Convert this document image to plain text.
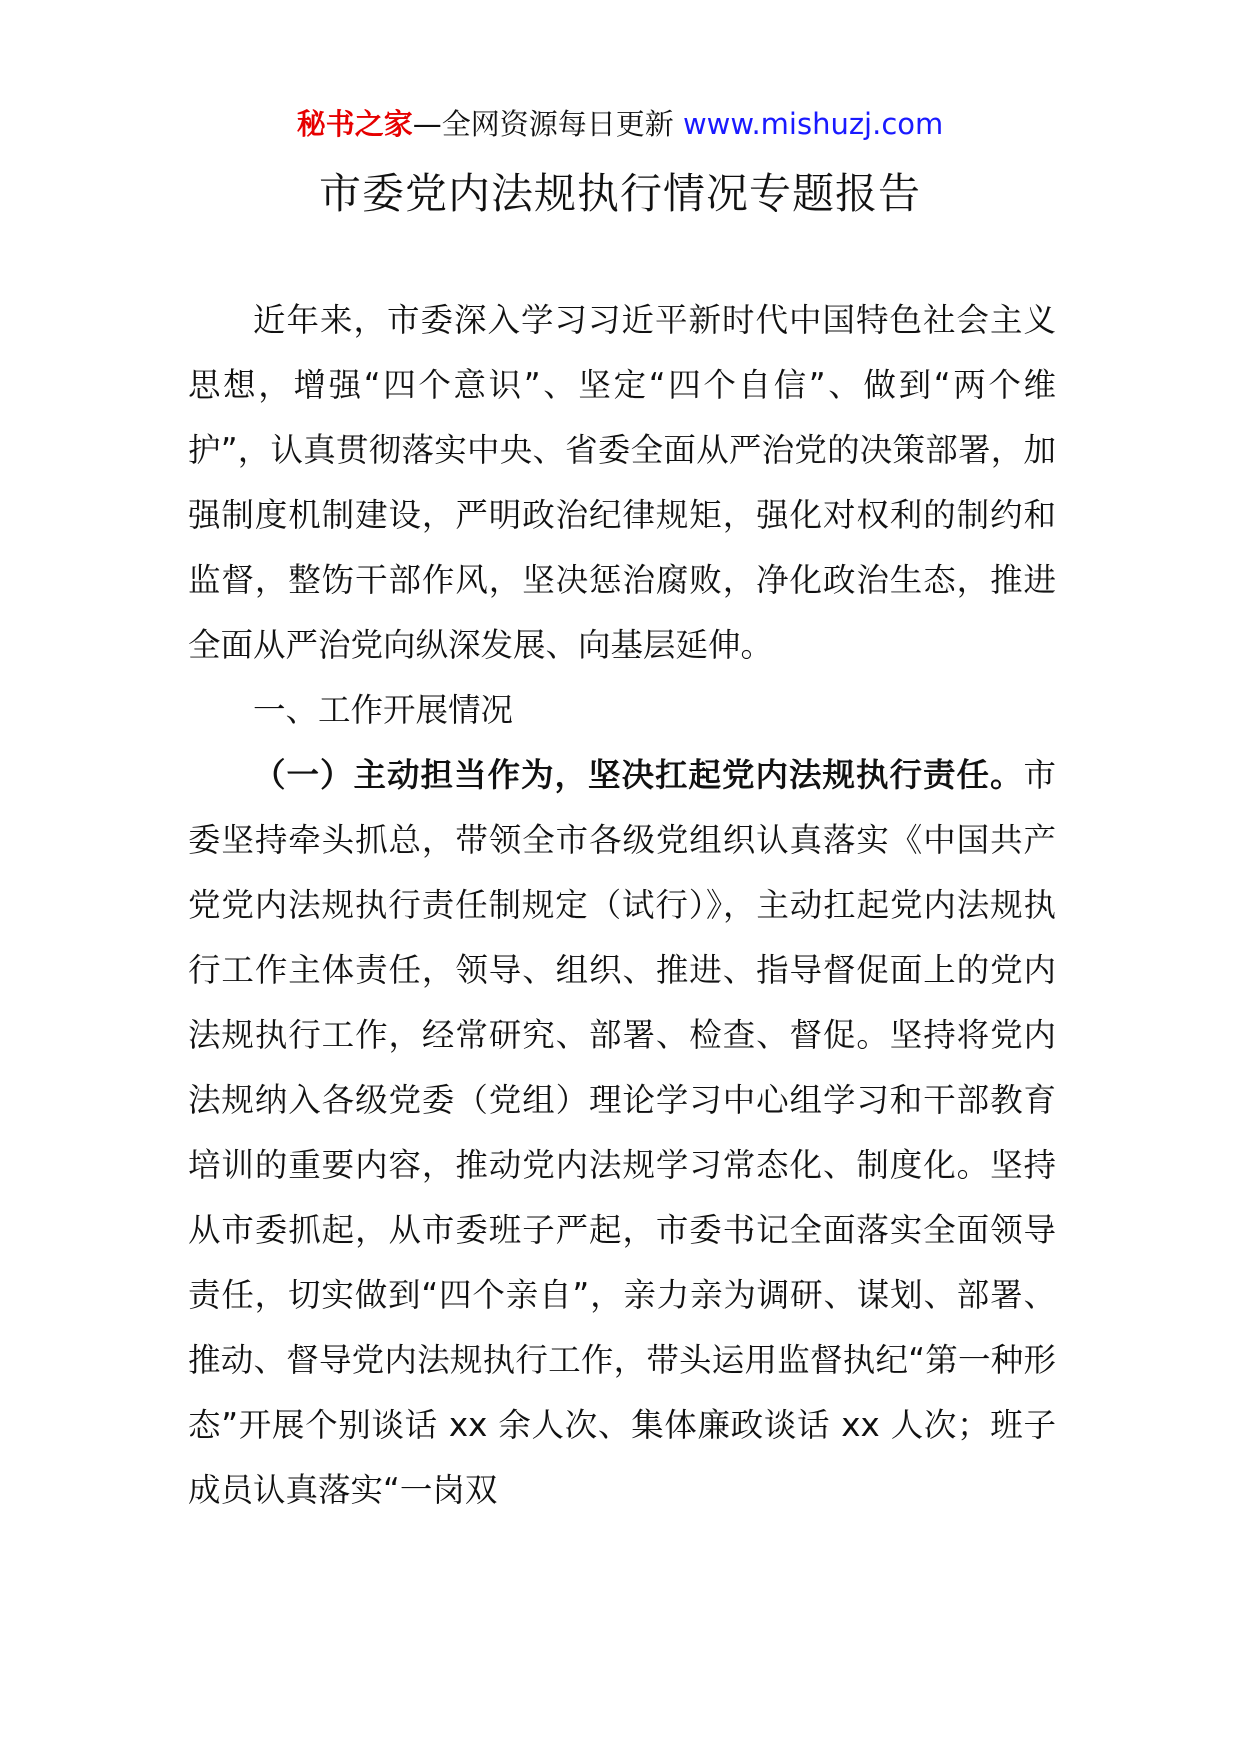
秘书之家—全网资源每日更新 www.mishuzj.com
市委党内法规执行情况专题报告

近年来，市委深入学习习近平新时代中国特色社会主义思想，增强“四个意识”、坚定“四个自信”、做到“两个维护”，认真贯彻落实中央、省委全面从严治党的决策部署，加强制度机制建设，严明政治纪律规矩，强化对权利的制约和监督，整饬干部作风，坚决惩治腐败，净化政治生态，推进全面从严治党向纵深发展、向基层延伸。

一、工作开展情况

（一）主动担当作为，坚决扛起党内法规执行责任。市委坚持牵头抓总，带领全市各级党组织认真落实《中国共产党党内法规执行责任制规定（试行）》，主动扛起党内法规执行工作主体责任，领导、组织、推进、指导督促面上的党内法规执行工作，经常研究、部署、检查、督促。坚持将党内法规纳入各级党委（党组）理论学习中心组学习和干部教育培训的重要内容，推动党内法规学习常态化、制度化。坚持从市委抓起，从市委班子严起，市委书记全面落实全面领导责任，切实做到“四个亲自”，亲力亲为调研、谋划、部署、推动、督导党内法规执行工作，带头运用监督执纪“第一种形态”开展个别谈话 xx 余人次、集体廉政谈话 xx 人次；班子成员认真落实“一岗双
